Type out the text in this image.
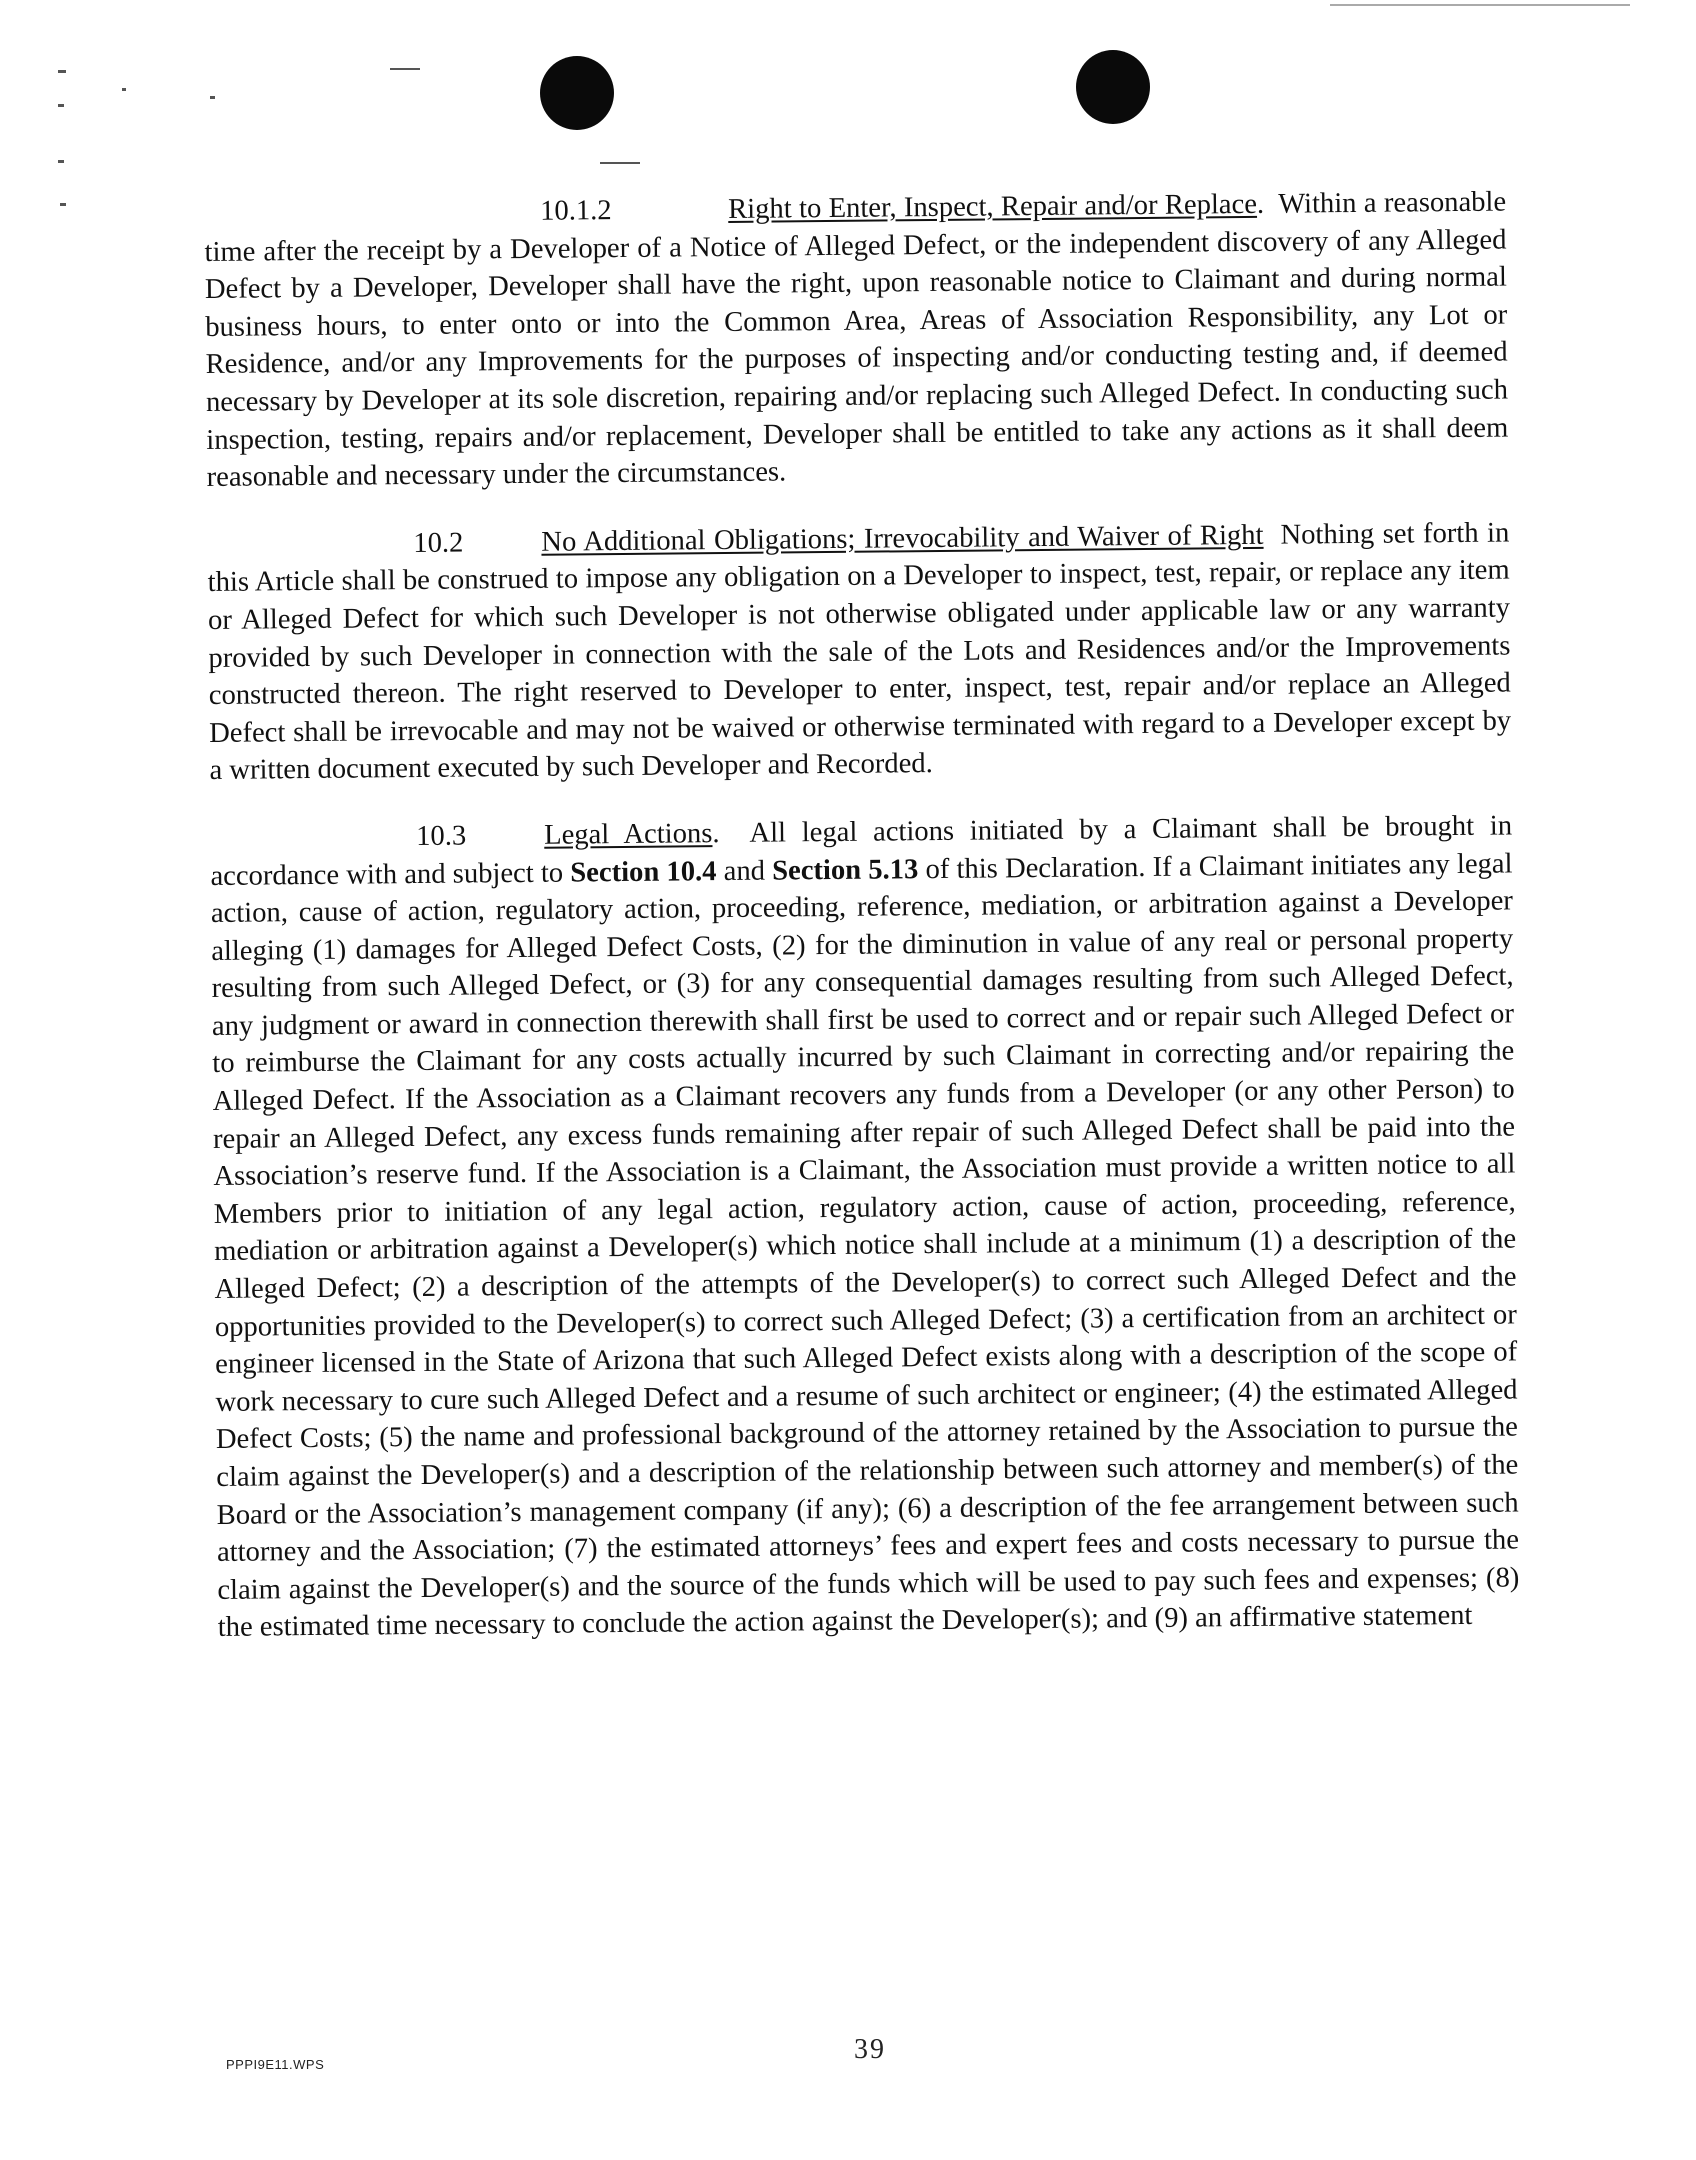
10.1.2	Right to Enter, Inspect, Repair and/or Replace. Within a reasonable time after the receipt by a Developer of a Notice of Alleged Defect, or the independent discovery of any Alleged Defect by a Developer, Developer shall have the right, upon reasonable notice to Claimant and during normal business hours, to enter onto or into the Common Area, Areas of Association Responsibility, any Lot or Residence, and/or any Improvements for the purposes of inspecting and/or conducting testing and, if deemed necessary by Developer at its sole discretion, repairing and/or replacing such Alleged Defect. In conducting such inspection, testing, repairs and/or replacement, Developer shall be entitled to take any actions as it shall deem reasonable and necessary under the circumstances.

10.2	No Additional Obligations; Irrevocability and Waiver of Right Nothing set forth in this Article shall be construed to impose any obligation on a Developer to inspect, test, repair, or replace any item or Alleged Defect for which such Developer is not otherwise obligated under applicable law or any warranty provided by such Developer in connection with the sale of the Lots and Residences and/or the Improvements constructed thereon. The right reserved to Developer to enter, inspect, test, repair and/or replace an Alleged Defect shall be irrevocable and may not be waived or otherwise terminated with regard to a Developer except by a written document executed by such Developer and Recorded.

10.3	Legal Actions. All legal actions initiated by a Claimant shall be brought in accordance with and subject to Section 10.4 and Section 5.13 of this Declaration. If a Claimant initiates any legal action, cause of action, regulatory action, proceeding, reference, mediation, or arbitration against a Developer alleging (1) damages for Alleged Defect Costs, (2) for the diminution in value of any real or personal property resulting from such Alleged Defect, or (3) for any consequential damages resulting from such Alleged Defect, any judgment or award in connection therewith shall first be used to correct and or repair such Alleged Defect or to reimburse the Claimant for any costs actually incurred by such Claimant in correcting and/or repairing the Alleged Defect. If the Association as a Claimant recovers any funds from a Developer (or any other Person) to repair an Alleged Defect, any excess funds remaining after repair of such Alleged Defect shall be paid into the Association’s reserve fund. If the Association is a Claimant, the Association must provide a written notice to all Members prior to initiation of any legal action, regulatory action, cause of action, proceeding, reference, mediation or arbitration against a Developer(s) which notice shall include at a minimum (1) a description of the Alleged Defect; (2) a description of the attempts of the Developer(s) to correct such Alleged Defect and the opportunities provided to the Developer(s) to correct such Alleged Defect; (3) a certification from an architect or engineer licensed in the State of Arizona that such Alleged Defect exists along with a description of the scope of work necessary to cure such Alleged Defect and a resume of such architect or engineer; (4) the estimated Alleged Defect Costs; (5) the name and professional background of the attorney retained by the Association to pursue the claim against the Developer(s) and a description of the relationship between such attorney and member(s) of the Board or the Association’s management company (if any); (6) a description of the fee arrangement between such attorney and the Association; (7) the estimated attorneys’ fees and expert fees and costs necessary to pursue the claim against the Developer(s) and the source of the funds which will be used to pay such fees and expenses; (8) the estimated time necessary to conclude the action against the Developer(s); and (9) an affirmative statement

39
PPPI9E11.WPS
